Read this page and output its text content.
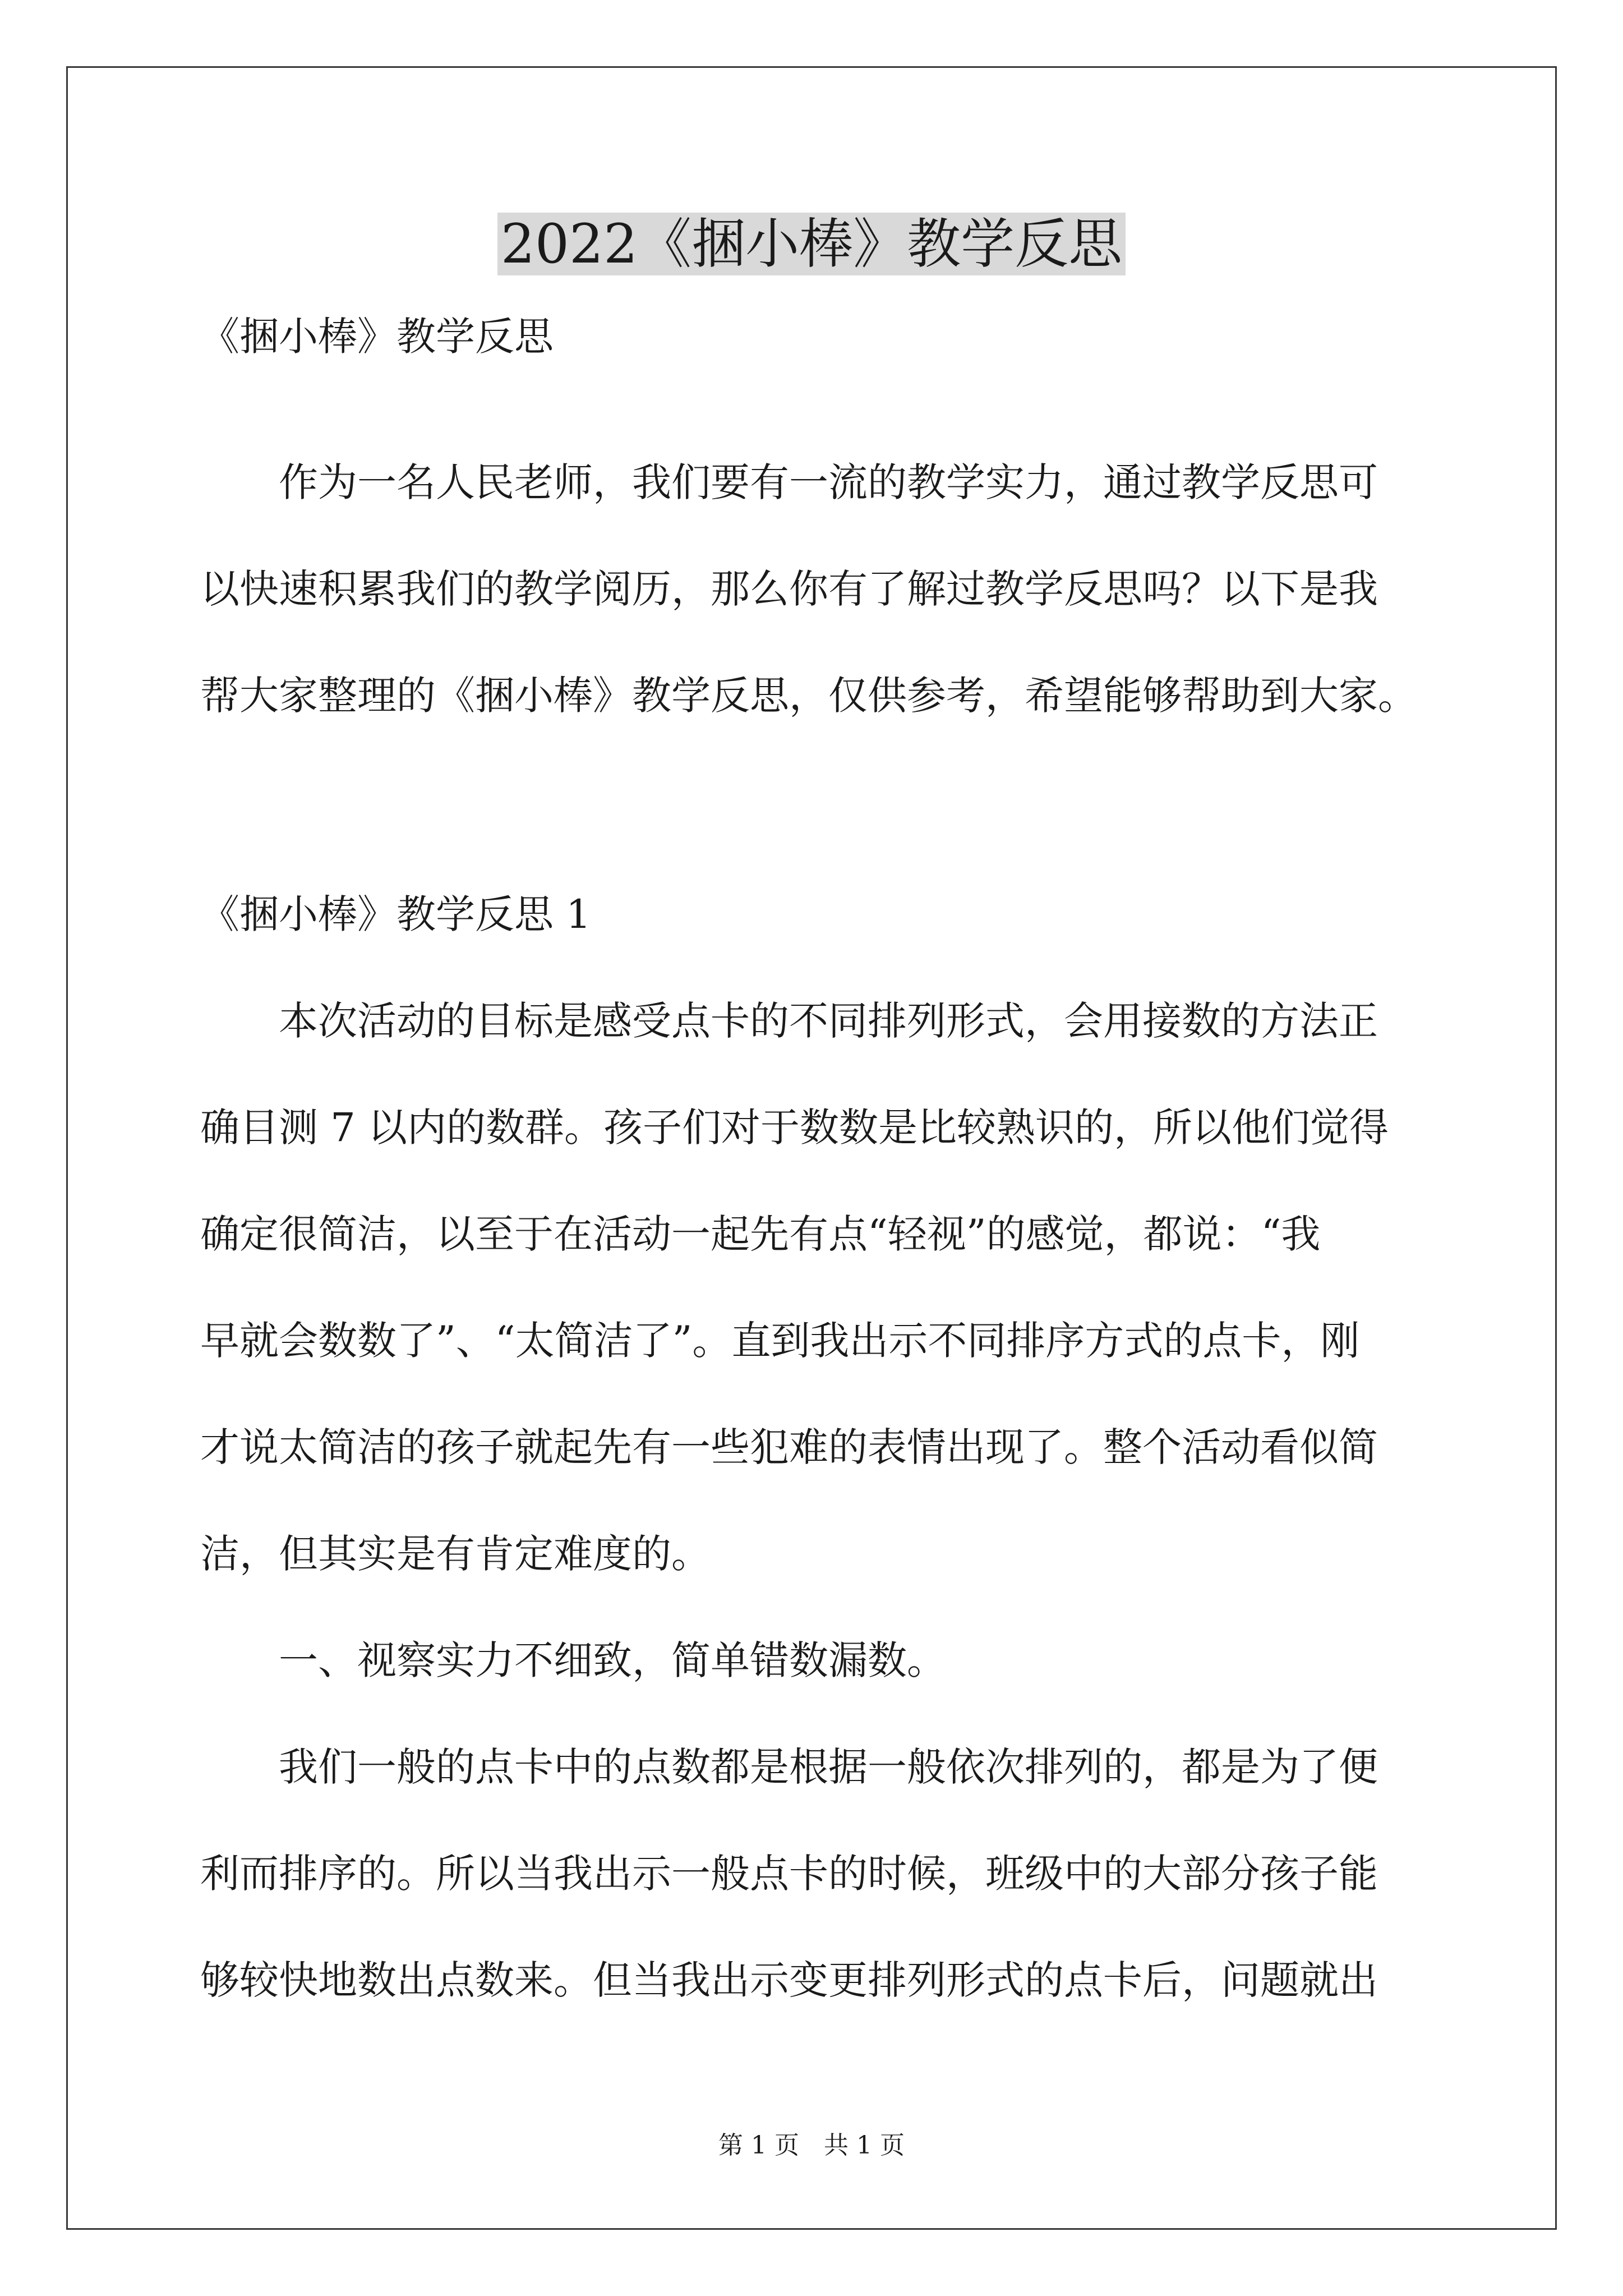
2022《捆小棒》教学反思
《捆小棒》教学反思
作为一名人民老师，我们要有一流的教学实力，通过教学反思可
以快速积累我们的教学阅历，那么你有了解过教学反思吗？以下是我
帮大家整理的《捆小棒》教学反思，仅供参考，希望能够帮助到大家。
《捆小棒》教学反思 1
本次活动的目标是感受点卡的不同排列形式，会用接数的方法正
确目测 7 以内的数群。孩子们对于数数是比较熟识的，所以他们觉得
确定很简洁，以至于在活动一起先有点“轻视”的感觉，都说：“我
早就会数数了”、“太简洁了”。直到我出示不同排序方式的点卡，刚
才说太简洁的孩子就起先有一些犯难的表情出现了。整个活动看似简
洁，但其实是有肯定难度的。
一、视察实力不细致，简单错数漏数。
我们一般的点卡中的点数都是根据一般依次排列的，都是为了便
利而排序的。所以当我出示一般点卡的时候，班级中的大部分孩子能
够较快地数出点数来。但当我出示变更排列形式的点卡后，问题就出
第 1 页　共 1 页
